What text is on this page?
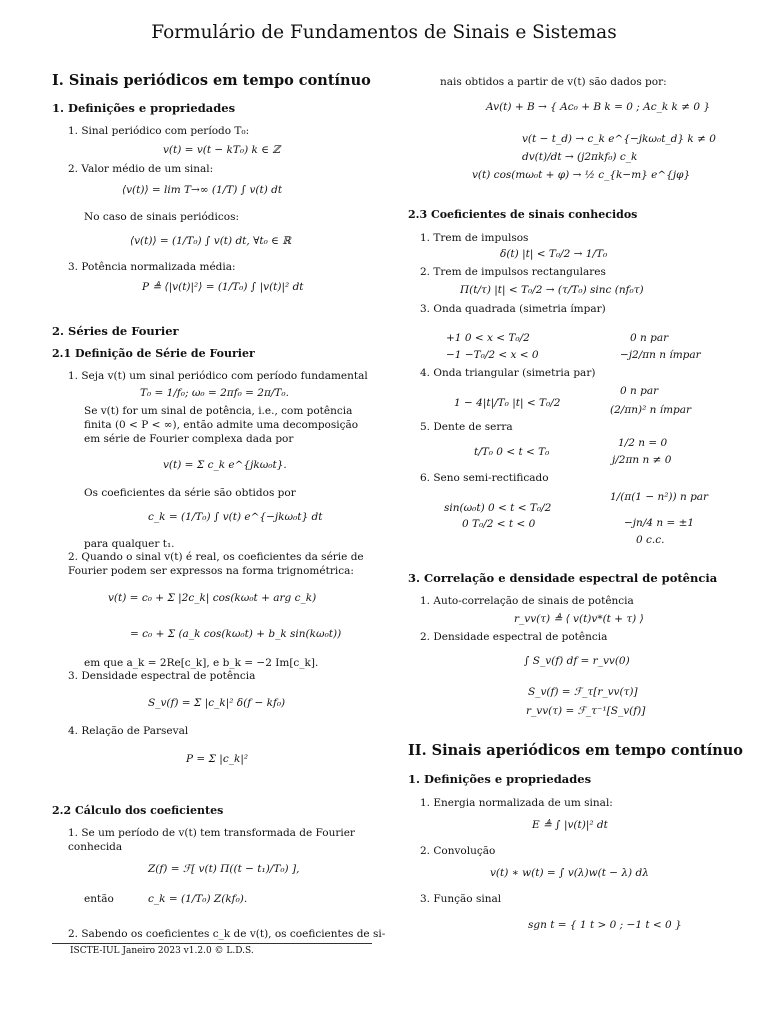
Formulário de Fundamentos de Sinais e Sistemas
I. Sinais periódicos em tempo contínuo
1. Definições e propriedades
1. Sinal periódico com período T₀:
v(t) = v(t − kT₀) k ∈ ℤ
2. Valor médio de um sinal:
⟨v(t)⟩ = lim T→∞ (1/T) ∫ v(t) dt
No caso de sinais periódicos:
⟨v(t)⟩ = (1/T₀) ∫ v(t) dt, ∀t₀ ∈ ℝ
3. Potência normalizada média:
P ≜ ⟨|v(t)|²⟩ = (1/T₀) ∫ |v(t)|² dt
2. Séries de Fourier
2.1 Definição de Série de Fourier
1. Seja v(t) um sinal periódico com período fundamental
T₀ = 1/f₀; ω₀ = 2πf₀ = 2π/T₀.
Se v(t) for um sinal de potência, i.e., com potência finita (0 < P < ∞), então admite uma decomposição em série de Fourier complexa dada por
v(t) = Σ c_k e^{jkω₀t}.
Os coeficientes da série são obtidos por
c_k = (1/T₀) ∫ v(t) e^{−jkω₀t} dt
para qualquer t₁.
2. Quando o sinal v(t) é real, os coeficientes da série de Fourier podem ser expressos na forma trignométrica:
v(t) = c₀ + Σ |2c_k| cos(kω₀t + arg c_k)
= c₀ + Σ (a_k cos(kω₀t) + b_k sin(kω₀t))
em que a_k = 2Re[c_k], e b_k = −2 Im[c_k].
3. Densidade espectral de potência
S_v(f) = Σ |c_k|² δ(f − kf₀)
4. Relação de Parseval
P = Σ |c_k|²
2.2 Cálculo dos coeficientes
1. Se um período de v(t) tem transformada de Fourier conhecida
Z(f) = ℱ[ v(t) Π((t − t₁)/T₀) ],
então	c_k = (1/T₀) Z(kf₀).
2. Sabendo os coeficientes c_k de v(t), os coeficientes de si-
ISCTE-IUL Janeiro 2023 v1.2.0 © L.D.S.
nais obtidos a partir de v(t) são dados por:
Av(t) + B → { Ac₀ + B k = 0 ; Ac_k k ≠ 0 }
v(t − t_d) → c_k e^{−jkω₀t_d} k ≠ 0
dv(t)/dt → (j2πkf₀) c_k
v(t) cos(mω₀t + φ) → ½ c_{k−m} e^{jφ}
2.3 Coeficientes de sinais conhecidos
1. Trem de impulsos
δ(t) |t| < T₀/2 → 1/T₀
2. Trem de impulsos rectangulares
Π(t/τ) |t| < T₀/2 → (τ/T₀) sinc (nf₀τ)
3. Onda quadrada (simetria ímpar)
+1 0 < x < T₀/2
−1 −T₀/2 < x < 0
0 n par
−j2/πn n ímpar
4. Onda triangular (simetria par)
1 − 4|t|/T₀ |t| < T₀/2
0 n par
(2/πn)² n ímpar
5. Dente de serra
t/T₀ 0 < t < T₀
1/2 n = 0
j/2πn n ≠ 0
6. Seno semi-rectificado
sin(ω₀t) 0 < t < T₀/2
0 T₀/2 < t < 0
1/(π(1 − n²)) n par
−jn/4 n = ±1
0 c.c.
3. Correlação e densidade espectral de potência
1. Auto-correlação de sinais de potência
r_vv(τ) ≜ ⟨ v(t)v*(t + τ) ⟩
2. Densidade espectral de potência
∫ S_v(f) df = r_vv(0)
S_v(f) = ℱ_τ[r_vv(τ)]
r_vv(τ) = ℱ_τ⁻¹[S_v(f)]
II. Sinais aperiódicos em tempo contínuo
1. Definições e propriedades
1. Energia normalizada de um sinal:
E ≜ ∫ |v(t)|² dt
2. Convolução
v(t) ∗ w(t) = ∫ v(λ)w(t − λ) dλ
3. Função sinal
sgn t = { 1 t > 0 ; −1 t < 0 }
